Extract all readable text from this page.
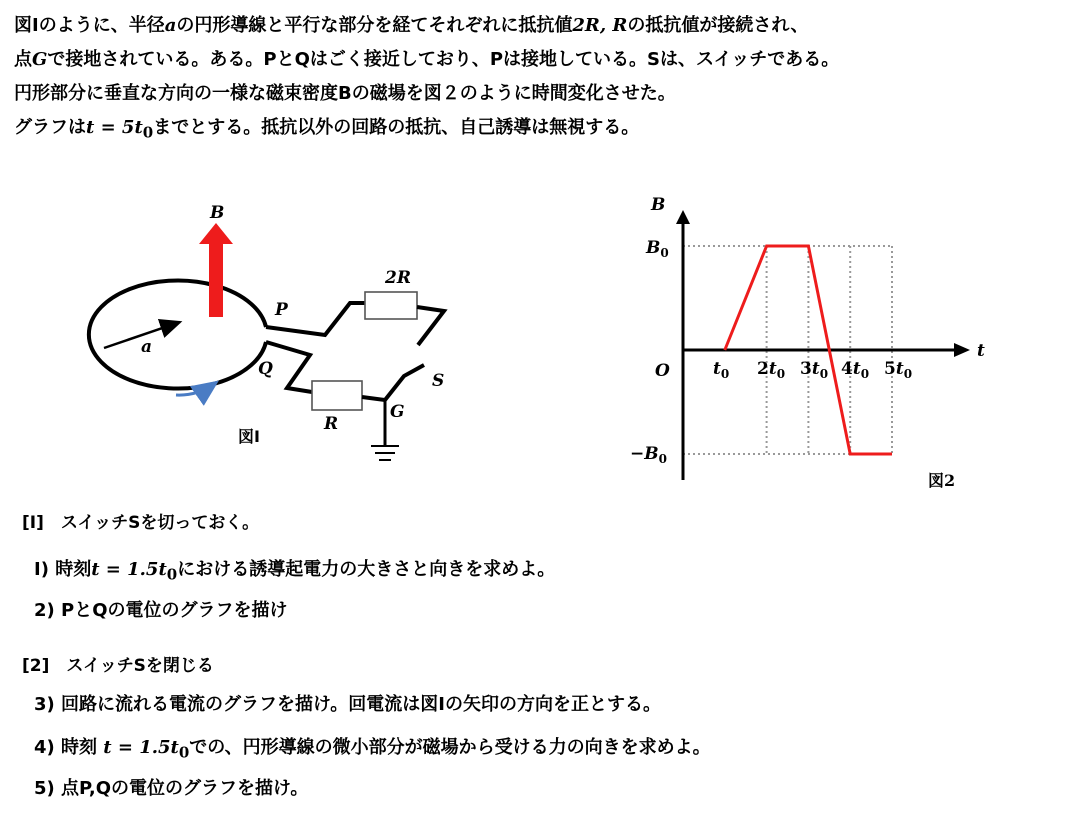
図Ⅰのように、半径aの円形導線と平行な部分を経てそれぞれに抵抗値2R, Rの抵抗値が接続され、

点Gで接地されている。ある。PとQはごく接近しており、Pは接地している。Sは、スイッチである。

円形部分に垂直な方向の一様な磁束密度Bの磁場を図２のように時間変化させた。

グラフは$t = 5t_0$までとする。抵抗以外の回路の抵抗、自己誘導は無視する。

a
B
2R
P
Q
R
S
G
図Ⅰ
B
t
O
$B_0$
$-B_0$
$t_0$ $2t_0$ $3t_0$ $4t_0$ $5t_0$
図2
[Ⅰ]　スイッチSを切っておく。
Ⅰ) 時刻$t = 1.5t_0$における誘導起電力の大きさと向きを求めよ。
2) PとQの電位のグラフを描け
[2]　スイッチSを閉じる
3) 回路に流れる電流のグラフを描け。回電流は図Ⅰの矢印の方向を正とする。
4) 時刻 $t = 1.5t_0$での、円形導線の微小部分が磁場から受ける力の向きを求めよ。
5) 点P,Qの電位のグラフを描け。
